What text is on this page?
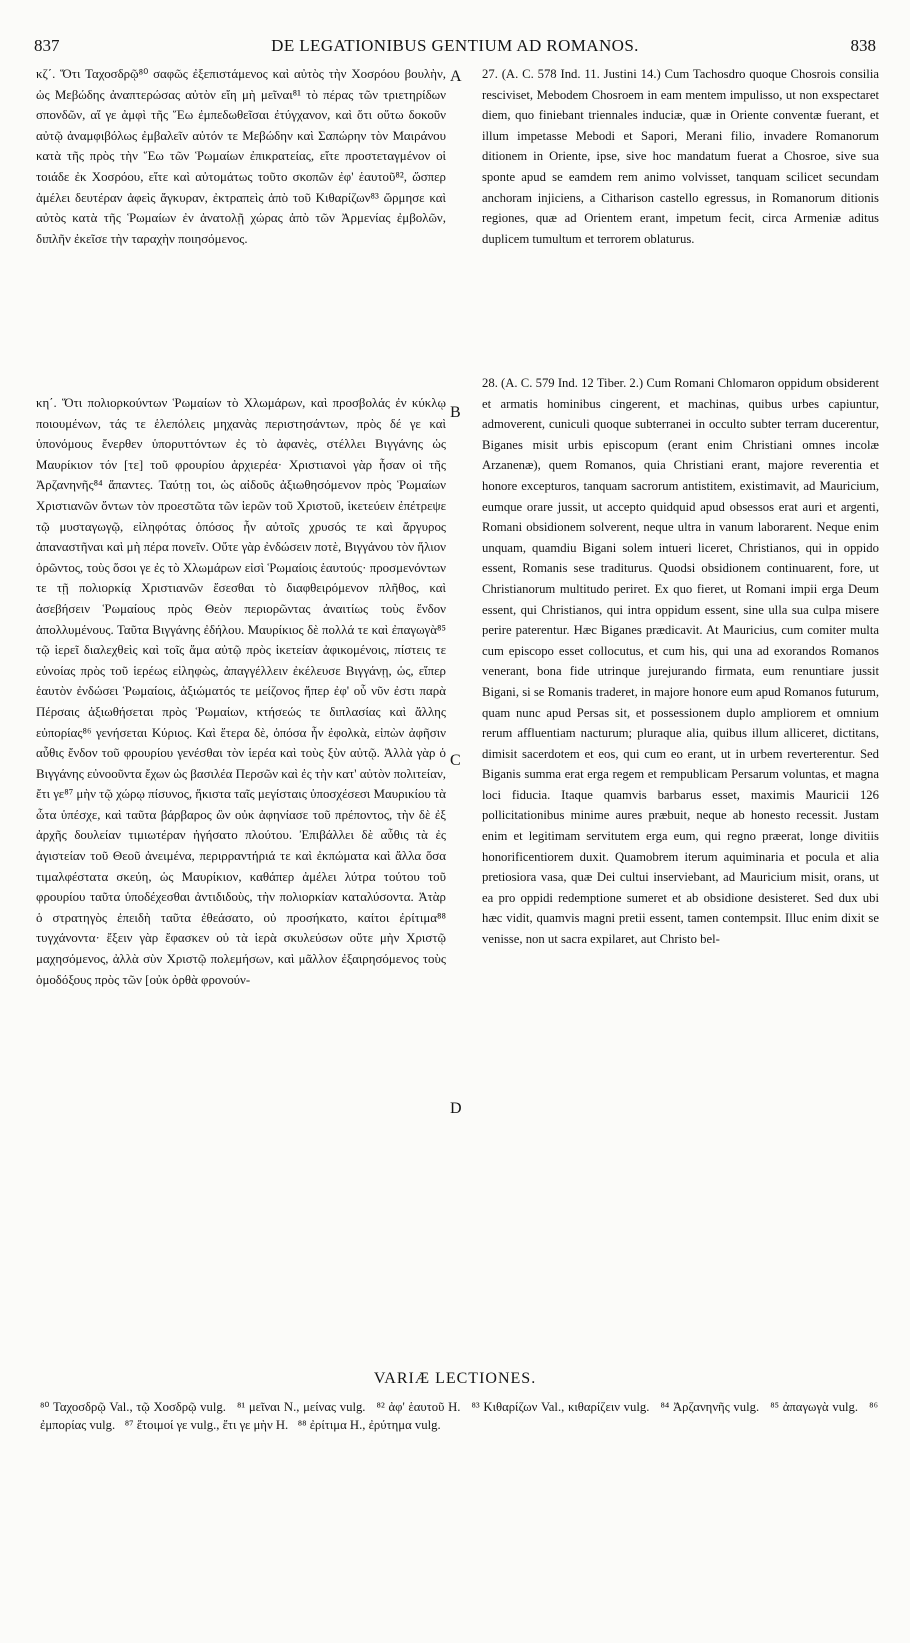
837	DE LEGATIONIBUS GENTIUM AD ROMANOS.	838

κζ΄. Ὅτι Ταχοσδρῷ⁸⁰ σαφῶς ἐξεπιστάμενος καὶ αὐτὸς τὴν Χοσρόου βουλὴν, ὡς Μεβώδης ἀναπτερώσας αὐτὸν εἴη μὴ μεῖναι⁸¹ τὸ πέρας τῶν τριετηρίδων σπονδῶν, αἵ γε ἀμφὶ τῆς Ἕω ἐμπεδωθεῖσαι ἐτύγχανον, καὶ ὅτι οὕτω δοκοῦν αὐτῷ ἀναμφιβόλως ἐμβαλεῖν αὐτόν τε Μεβώδην καὶ Σαπώρην τὸν Μαιράνου κατὰ τῆς πρὸς τὴν Ἕω τῶν Ῥωμαίων ἐπικρατείας, εἴτε προστεταγμένον οἱ τοιάδε ἐκ Χοσρόου, εἴτε καὶ αὐτομάτως τοῦτο σκοπῶν ἐφ' ἑαυτοῦ⁸², ὥσπερ ἀμέλει δευτέραν ἀφεὶς ἄγκυραν, ἐκτραπεὶς ἀπὸ τοῦ Κιθαρίζων⁸³ ὥρμησε καὶ αὐτὸς κατὰ τῆς Ῥωμαίων ἐν ἀνατολῇ χώρας ἀπὸ τῶν Ἀρμενίας ἐμβολῶν, διπλῆν ἐκεῖσε τὴν ταραχὴν ποιησόμενος.

κη΄. Ὅτι πολιορκούντων Ῥωμαίων τὸ Χλωμάρων, καὶ προσβολάς ἐν κύκλῳ ποιουμένων, τάς τε ἑλεπόλεις μηχανὰς περιστησάντων, πρὸς δέ γε καὶ ὑπονόμους ἔνερθεν ὑπορυττόντων ἐς τὸ ἀφανὲς, στέλλει Βιγγάνης ὡς Μαυρίκιον τόν [τε] τοῦ φρουρίου ἀρχιερέα· Χριστιανοὶ γὰρ ἦσαν οἱ τῆς Ἀρζανηνῆς⁸⁴ ἅπαντες. Ταύτῃ τοι, ὡς αἰδοῦς ἀξιωθησόμενον πρὸς Ῥωμαίων Χριστιανῶν ὄντων τὸν προεστῶτα τῶν ἱερῶν τοῦ Χριστοῦ, ἱκετεύειν ἐπέτρεψε τῷ μυσταγωγῷ, εἰληφότας ὁπόσος ἦν αὐτοῖς χρυσός τε καὶ ἄργυρος ἀπαναστῆναι καὶ μὴ πέρα πονεῖν. Οὔτε γὰρ ἐνδώσειν ποτὲ, Βιγγάνου τὸν ἥλιον ὁρῶντος, τοὺς ὅσοι γε ἐς τὸ Χλωμάρων εἰσὶ Ῥωμαίοις ἑαυτούς· προσμενόντων τε τῇ πολιορκίᾳ Χριστιανῶν ἔσεσθαι τὸ διαφθειρόμενον πλῆθος, καὶ ἀσεβήσειν Ῥωμαίους πρὸς Θεὸν περιορῶντας ἀναιτίως τοὺς ἔνδον ἀπολλυμένους. Ταῦτα Βιγγάνης ἐδήλου. Μαυρίκιος δὲ πολλά τε καὶ ἐπαγωγὰ⁸⁵ τῷ ἱερεῖ διαλεχθεὶς καὶ τοῖς ἅμα αὐτῷ πρὸς ἱκετείαν ἀφικομένοις, πίστεις τε εὐνοίας πρὸς τοῦ ἱερέως εἰληφὼς, ἀπαγγέλλειν ἐκέλευσε Βιγγάνῃ, ὡς, εἴπερ ἑαυτὸν ἐνδώσει Ῥωμαίοις, ἀξιώματός τε μείζονος ἤπερ ἐφ' οὗ νῦν ἐστι παρὰ Πέρσαις ἀξιωθήσεται πρὸς Ῥωμαίων, κτήσεώς τε διπλασίας καὶ ἄλλης εὐπορίας⁸⁶ γενήσεται Κύριος. Καὶ ἕτερα δὲ, ὁπόσα ἦν ἐφολκὰ, εἰπὼν ἀφῆσιν αὖθις ἔνδον τοῦ φρουρίου γενέσθαι τὸν ἱερέα καὶ τοὺς ξὺν αὐτῷ. Ἀλλὰ γὰρ ὁ Βιγγάνης εὐνοοῦντα ἔχων ὡς βασιλέα Περσῶν καὶ ἐς τὴν κατ' αὐτὸν πολιτείαν, ἔτι γε⁸⁷ μὴν τῷ χώρῳ πίσυνος, ἥκιστα ταῖς μεγίσταις ὑποσχέσεσι Μαυρικίου τὰ ὦτα ὑπέσχε, καὶ ταῦτα βάρβαρος ὢν οὐκ ἀφηνίασε τοῦ πρέποντος, τὴν δὲ ἐξ ἀρχῆς δουλείαν τιμιωτέραν ἡγήσατο πλούτου. Ἐπιβάλλει δὲ αὖθις τὰ ἐς ἁγιστείαν τοῦ Θεοῦ ἀνειμένα, περιρραντήριά τε καὶ ἐκπώματα καὶ ἄλλα ὅσα τιμαλφέστατα σκεύη, ὡς Μαυρίκιον, καθάπερ ἀμέλει λύτρα τούτου τοῦ φρουρίου ταῦτα ὑποδέχεσθαι ἀντιδιδοὺς, τὴν πολιορκίαν καταλύσοντα. Ἀτὰρ ὁ στρατηγὸς ἐπειδὴ ταῦτα ἐθεάσατο, οὐ προσήκατο, καίτοι ἐρίτιμα⁸⁸ τυγχάνοντα· ἔξειν γὰρ ἔφασκεν οὐ τὰ ἱερὰ σκυλεύσων οὔτε μὴν Χριστῷ μαχησόμενος, ἀλλὰ σὺν Χριστῷ πολεμήσων, καὶ μᾶλλον ἐξαιρησόμενος τοὺς ὁμοδόξους πρὸς τῶν [οὐκ ὀρθὰ φρονούν-

27. (A. C. 578 Ind. 11. Justini 14.) Cum Tachosdro quoque Chosrois consilia resciviset, Mebodem Chosroem in eam mentem impulisso, ut non exspectaret diem, quo finiebant triennales induciæ, quæ in Oriente conventæ fuerant, et illum impetasse Mebodi et Sapori, Merani filio, invadere Romanorum ditionem in Oriente, ipse, sive hoc mandatum fuerat a Chosroe, sive sua sponte apud se eamdem rem animo volvisset, tanquam scilicet secundam anchoram injiciens, a Citharison castello egressus, in Romanorum ditionis regiones, quæ ad Orientem erant, impetum fecit, circa Armeniæ aditus duplicem tumultum et terrorem oblaturus.

28. (A. C. 579 Ind. 12 Tiber. 2.) Cum Romani Chlomaron oppidum obsiderent et armatis hominibus cingerent, et machinas, quibus urbes capiuntur, admoverent, cuniculi quoque subterranei in occulto subter terram ducerentur, Biganes misit urbis episcopum (erant enim Christiani omnes incolæ Arzanenæ), quem Romanos, quia Christiani erant, majore reverentia et honore excepturos, tanquam sacrorum antistitem, existimavit, ad Mauricium, eumque orare jussit, ut accepto quidquid apud obsessos erat auri et argenti, Romani obsidionem solverent, neque ultra in vanum laborarent. Neque enim unquam, quamdiu Bigani solem intueri liceret, Christianos, qui in oppido essent, Romanis sese traditurus. Quodsi obsidionem continuarent, fore, ut Christianorum multitudo periret. Ex quo fieret, ut Romani impii erga Deum essent, qui Christianos, qui intra oppidum essent, sine ulla sua culpa misere perire paterentur. Hæc Biganes prædicavit. At Mauricius, cum comiter multa cum episcopo esset collocutus, et cum his, qui una ad exorandos Romanos venerant, bona fide utrinque jurejurando firmata, eum renuntiare jussit Bigani, si se Romanis traderet, in majore honore eum apud Romanos futurum, quam nunc apud Persas sit, et possessionem duplo ampliorem et omnium rerum affluentiam nacturum; pluraque alia, quibus illum alliceret, dictitans, dimisit sacerdotem et eos, qui cum eo erant, ut in urbem reverterentur. Sed Biganis summa erat erga regem et rempublicam Persarum voluntas, et magna loci fiducia. Itaque quamvis barbarus esset, maximis Mauricii 126 pollicitationibus minime aures præbuit, neque ab honesto recessit. Justam enim et legitimam servitutem erga eum, qui regno præerat, longe divitiis honorificentiorem duxit. Quamobrem iterum aquiminaria et pocula et alia pretiosiora vasa, quæ Dei cultui inserviebant, ad Mauricium misit, orans, ut ea pro oppidi redemptione sumeret et ab obsidione desisteret. Sed dux ubi hæc vidit, quamvis magni pretii essent, tamen contempsit. Illuc enim dixit se venisse, non ut sacra expilaret, aut Christo bel-

A
B
C
D
VARIÆ LECTIONES.
⁸⁰ Ταχοσδρῷ Val., τῷ Χοσδρῷ vulg.   ⁸¹ μεῖναι N., μείνας vulg.   ⁸² ἀφ' ἑαυτοῦ H.   ⁸³ Κιθαρίζων Val., κιθαρίζειν vulg.   ⁸⁴ Ἀρζανηνῆς vulg.   ⁸⁵ ἀπαγωγὰ vulg.   ⁸⁶ ἐμπορίας vulg.   ⁸⁷ ἕτοιμοί γε vulg., ἔτι γε μὴν H.   ⁸⁸ ἐρίτιμα H., ἐρύτημα vulg.
